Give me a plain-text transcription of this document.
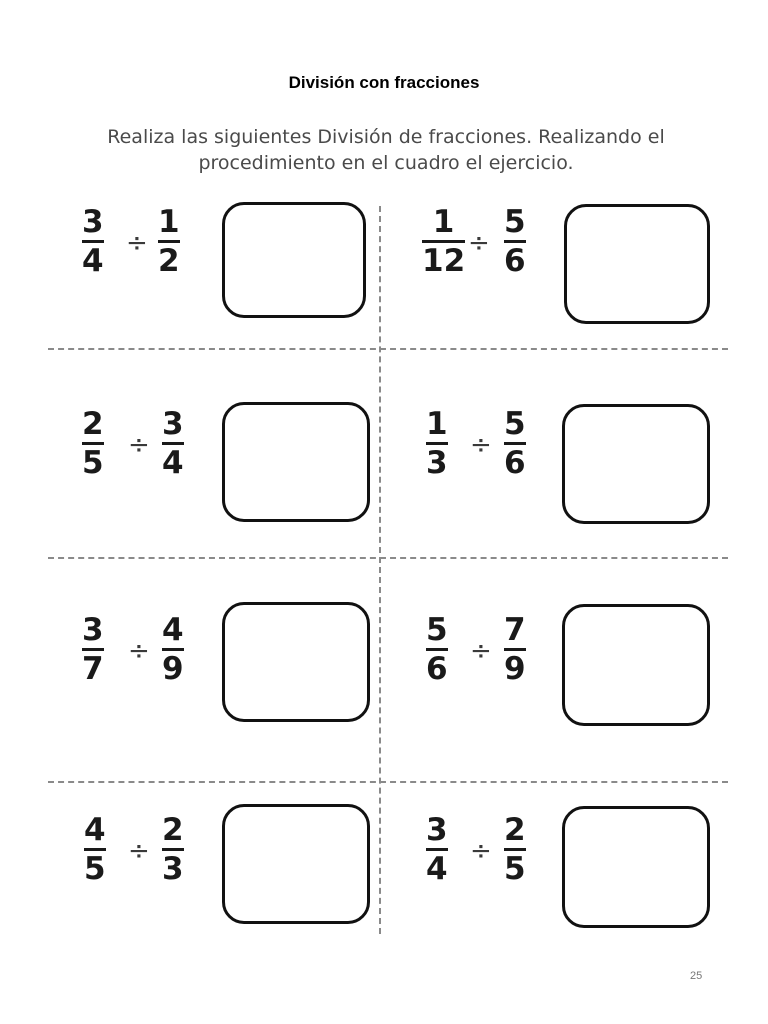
División con fracciones
Realiza las siguientes División de fracciones. Realizando el
procedimiento en el cuadro el ejercicio.
3
4 ÷
1
2
1
12 ÷
5
6
2
5 ÷
3
4
1
3 ÷
5
6
3
7 ÷
4
9
5
6 ÷
7
9
4
5 ÷
2
3
3
4 ÷
2
5
25
